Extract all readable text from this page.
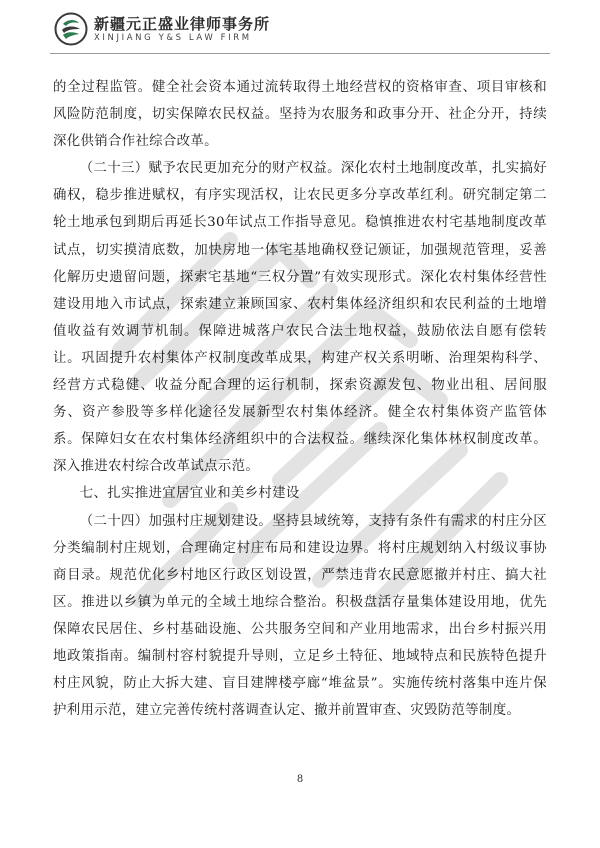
新疆元正盛业律师事务所
XINJIANG Y&S LAW FIRM

的全过程监管。健全社会资本通过流转取得土地经营权的资格审查、项目审核和风险防范制度，切实保障农民权益。坚持为农服务和政事分开、社企分开，持续深化供销合作社综合改革。

（二十三）赋予农民更加充分的财产权益。深化农村土地制度改革，扎实搞好确权，稳步推进赋权，有序实现活权，让农民更多分享改革红利。研究制定第二轮土地承包到期后再延长30年试点工作指导意见。稳慎推进农村宅基地制度改革试点，切实摸清底数，加快房地一体宅基地确权登记颁证，加强规范管理，妥善化解历史遗留问题，探索宅基地“三权分置”有效实现形式。深化农村集体经营性建设用地入市试点，探索建立兼顾国家、农村集体经济组织和农民利益的土地增值收益有效调节机制。保障进城落户农民合法土地权益，鼓励依法自愿有偿转让。巩固提升农村集体产权制度改革成果，构建产权关系明晰、治理架构科学、经营方式稳健、收益分配合理的运行机制，探索资源发包、物业出租、居间服务、资产参股等多样化途径发展新型农村集体经济。健全农村集体资产监管体系。保障妇女在农村集体经济组织中的合法权益。继续深化集体林权制度改革。深入推进农村综合改革试点示范。

七、扎实推进宜居宜业和美乡村建设

（二十四）加强村庄规划建设。坚持县域统筹，支持有条件有需求的村庄分区分类编制村庄规划，合理确定村庄布局和建设边界。将村庄规划纳入村级议事协商目录。规范优化乡村地区行政区划设置，严禁违背农民意愿撤并村庄、搞大社区。推进以乡镇为单元的全域土地综合整治。积极盘活存量集体建设用地，优先保障农民居住、乡村基础设施、公共服务空间和产业用地需求，出台乡村振兴用地政策指南。编制村容村貌提升导则，立足乡土特征、地域特点和民族特色提升村庄风貌，防止大拆大建、盲目建牌楼亭廊“堆盆景”。实施传统村落集中连片保护利用示范，建立完善传统村落调查认定、撤并前置审查、灾毁防范等制度。

8
